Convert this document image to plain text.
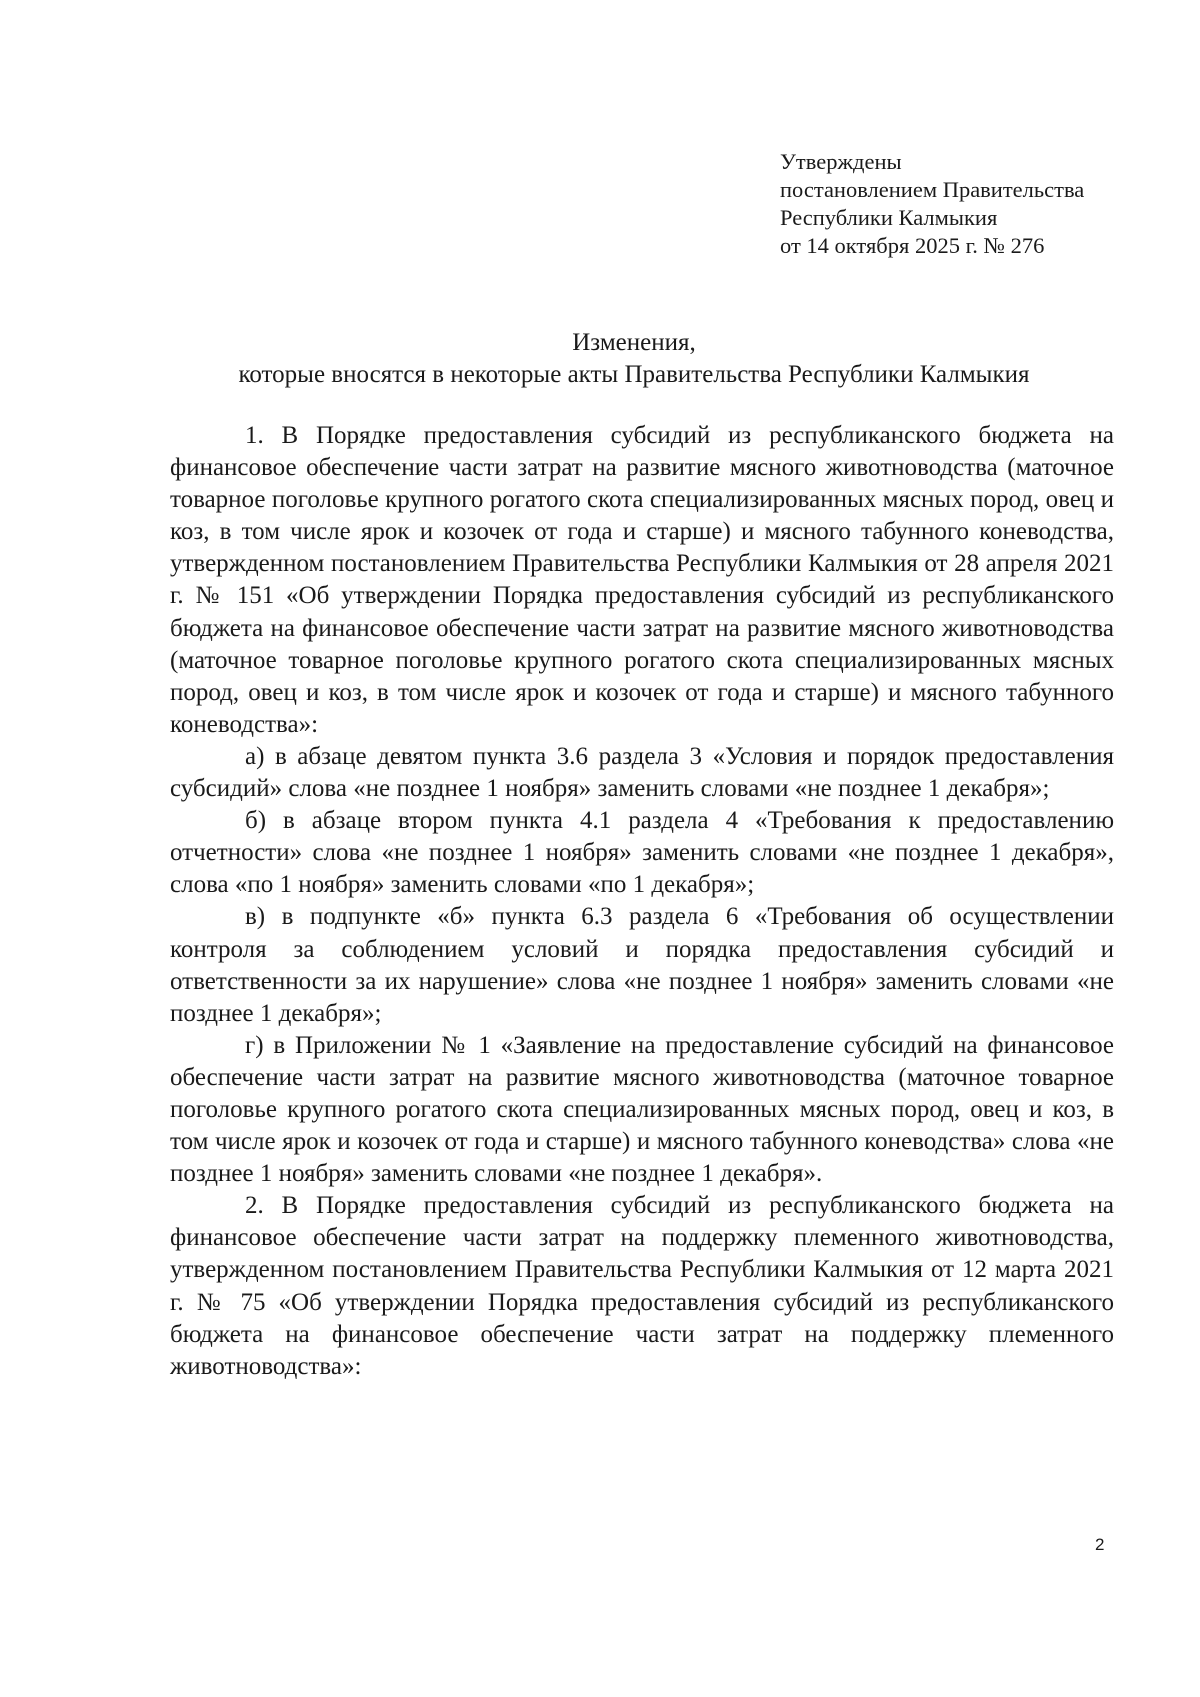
Утверждены
постановлением Правительства
Республики Калмыкия
от 14 октября 2025 г. № 276
Изменения,
которые вносятся в некоторые акты Правительства Республики Калмыкия

1. В Порядке предоставления субсидий из республиканского бюджета на финансовое обеспечение части затрат на развитие мясного животноводства (маточное товарное поголовье крупного рогатого скота специализированных мясных пород, овец и коз, в том числе ярок и козочек от года и старше) и мясного табунного коневодства, утвержденном постановлением Правительства Республики Калмыкия от 28 апреля 2021 г. № 151 «Об утверждении Порядка предоставления субсидий из республиканского бюджета на финансовое обеспечение части затрат на развитие мясного животноводства (маточное товарное поголовье крупного рогатого скота специализированных мясных пород, овец и коз, в том числе ярок и козочек от года и старше) и мясного табунного коневодства»:

а) в абзаце девятом пункта 3.6 раздела 3 «Условия и порядок предоставления субсидий» слова «не позднее 1 ноября» заменить словами «не позднее 1 декабря»;

б) в абзаце втором пункта 4.1 раздела 4 «Требования к предоставлению отчетности» слова «не позднее 1 ноября» заменить словами «не позднее 1 декабря», слова «по 1 ноября» заменить словами «по 1 декабря»;

в) в подпункте «б» пункта 6.3 раздела 6 «Требования об осуществлении контроля за соблюдением условий и порядка предоставления субсидий и ответственности за их нарушение» слова «не позднее 1 ноября» заменить словами «не позднее 1 декабря»;

г) в Приложении № 1 «Заявление на предоставление субсидий на финансовое обеспечение части затрат на развитие мясного животноводства (маточное товарное поголовье крупного рогатого скота специализированных мясных пород, овец и коз, в том числе ярок и козочек от года и старше) и мясного табунного коневодства» слова «не позднее 1 ноября» заменить словами «не позднее 1 декабря».

2. В Порядке предоставления субсидий из республиканского бюджета на финансовое обеспечение части затрат на поддержку племенного животноводства, утвержденном постановлением Правительства Республики Калмыкия от 12 марта 2021 г. № 75 «Об утверждении Порядка предоставления субсидий из республиканского бюджета на финансовое обеспечение части затрат на поддержку племенного животноводства»:

2
